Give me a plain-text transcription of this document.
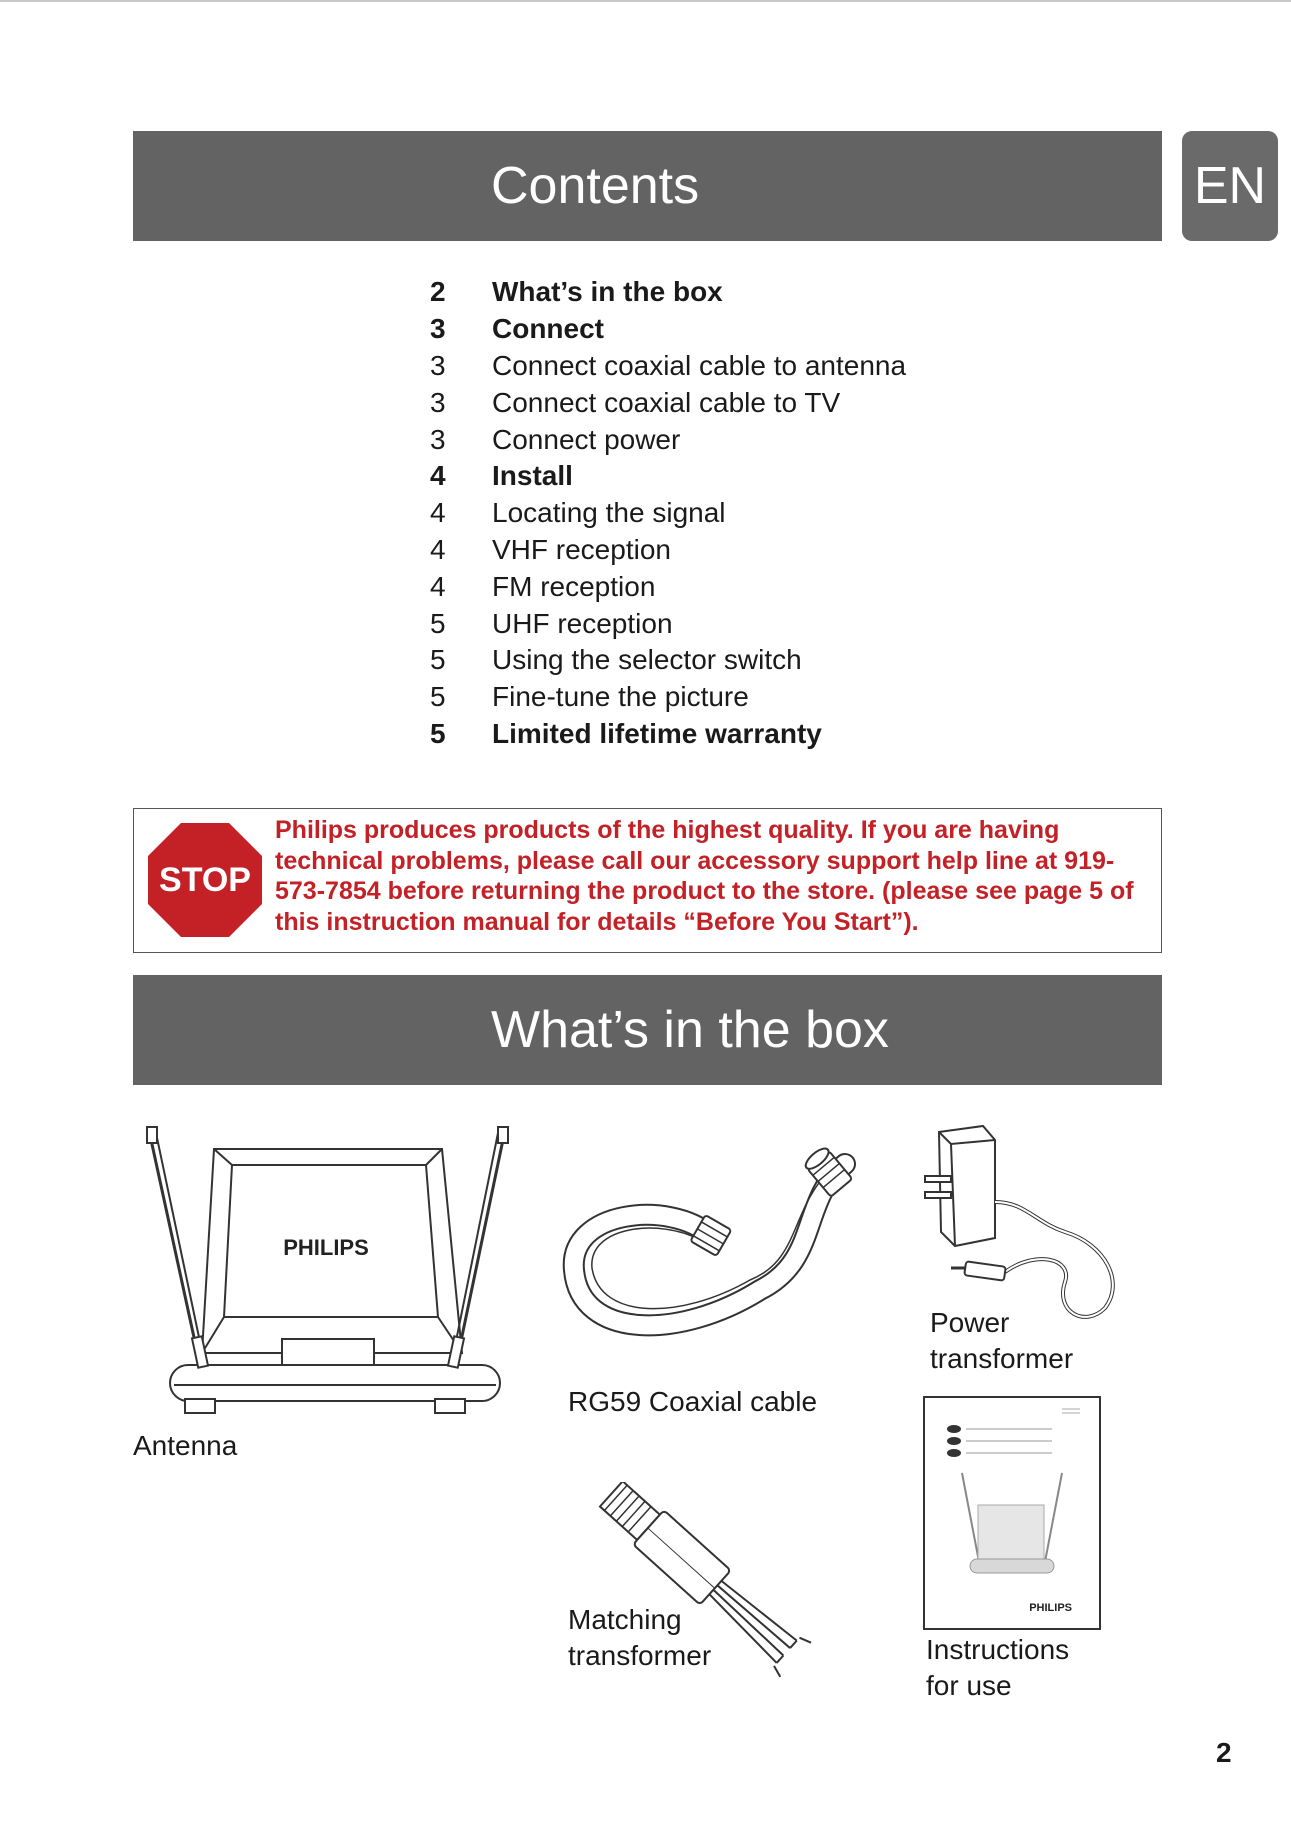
Contents	EN
2	What’s in the box
3	Connect
3	Connect coaxial cable to antenna
3	Connect coaxial cable to TV
3	Connect power
4	Install
4	Locating the signal
4	VHF reception
4	FM reception
5	UHF reception
5	Using the selector switch
5	Fine-tune the picture
5	Limited lifetime warranty
STOP
Philips produces products of the highest quality. If you are having technical problems, please call our accessory support help line at 919-573-7854 before returning the product to the store. (please see page 5 of this instruction manual for details “Before You Start”).
What’s in the box
PHILIPS
Antenna
RG59 Coaxial cable
Power
transformer
PHILIPS
Instructions
for use
Matching
transformer
2
